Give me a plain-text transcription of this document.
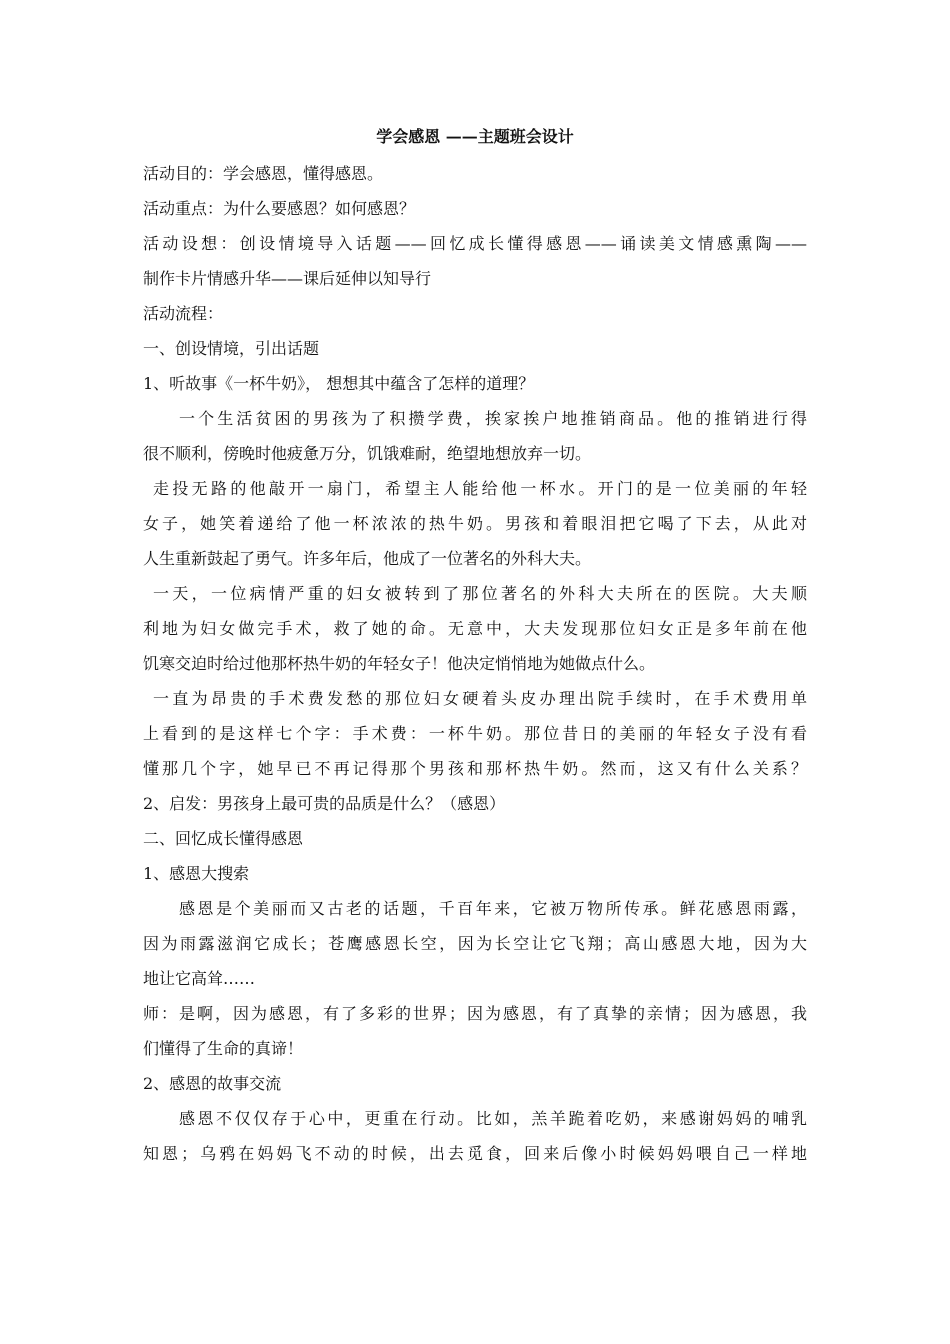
学会感恩 ——主题班会设计

活动目的：学会感恩，懂得感恩。

活动重点：为什么要感恩？如何感恩？

活动设想：创设情境导入话题——回忆成长懂得感恩——诵读美文情感熏陶——

制作卡片情感升华——课后延伸以知导行

活动流程：

一、创设情境，引出话题

1、听故事《一杯牛奶》， 想想其中蕴含了怎样的道理？

一个生活贫困的男孩为了积攒学费，挨家挨户地推销商品。他的推销进行得

很不顺利，傍晚时他疲惫万分，饥饿难耐，绝望地想放弃一切。

走投无路的他敲开一扇门，希望主人能给他一杯水。开门的是一位美丽的年轻

女子，她笑着递给了他一杯浓浓的热牛奶。男孩和着眼泪把它喝了下去，从此对

人生重新鼓起了勇气。许多年后，他成了一位著名的外科大夫。

一天，一位病情严重的妇女被转到了那位著名的外科大夫所在的医院。大夫顺

利地为妇女做完手术，救了她的命。无意中，大夫发现那位妇女正是多年前在他

饥寒交迫时给过他那杯热牛奶的年轻女子！他决定悄悄地为她做点什么。

一直为昂贵的手术费发愁的那位妇女硬着头皮办理出院手续时，在手术费用单

上看到的是这样七个字：手术费：一杯牛奶。那位昔日的美丽的年轻女子没有看

懂那几个字，她早已不再记得那个男孩和那杯热牛奶。然而，这又有什么关系？

2、启发：男孩身上最可贵的品质是什么？（感恩）

二、回忆成长懂得感恩

1、感恩大搜索

感恩是个美丽而又古老的话题，千百年来，它被万物所传承。鲜花感恩雨露，

因为雨露滋润它成长；苍鹰感恩长空，因为长空让它飞翔；高山感恩大地，因为大

地让它高耸……

师：是啊，因为感恩，有了多彩的世界；因为感恩，有了真挚的亲情；因为感恩，我

们懂得了生命的真谛！

2、感恩的故事交流

感恩不仅仅存于心中，更重在行动。比如，羔羊跪着吃奶，来感谢妈妈的哺乳

知恩；乌鸦在妈妈飞不动的时候，出去觅食，回来后像小时候妈妈喂自己一样地
